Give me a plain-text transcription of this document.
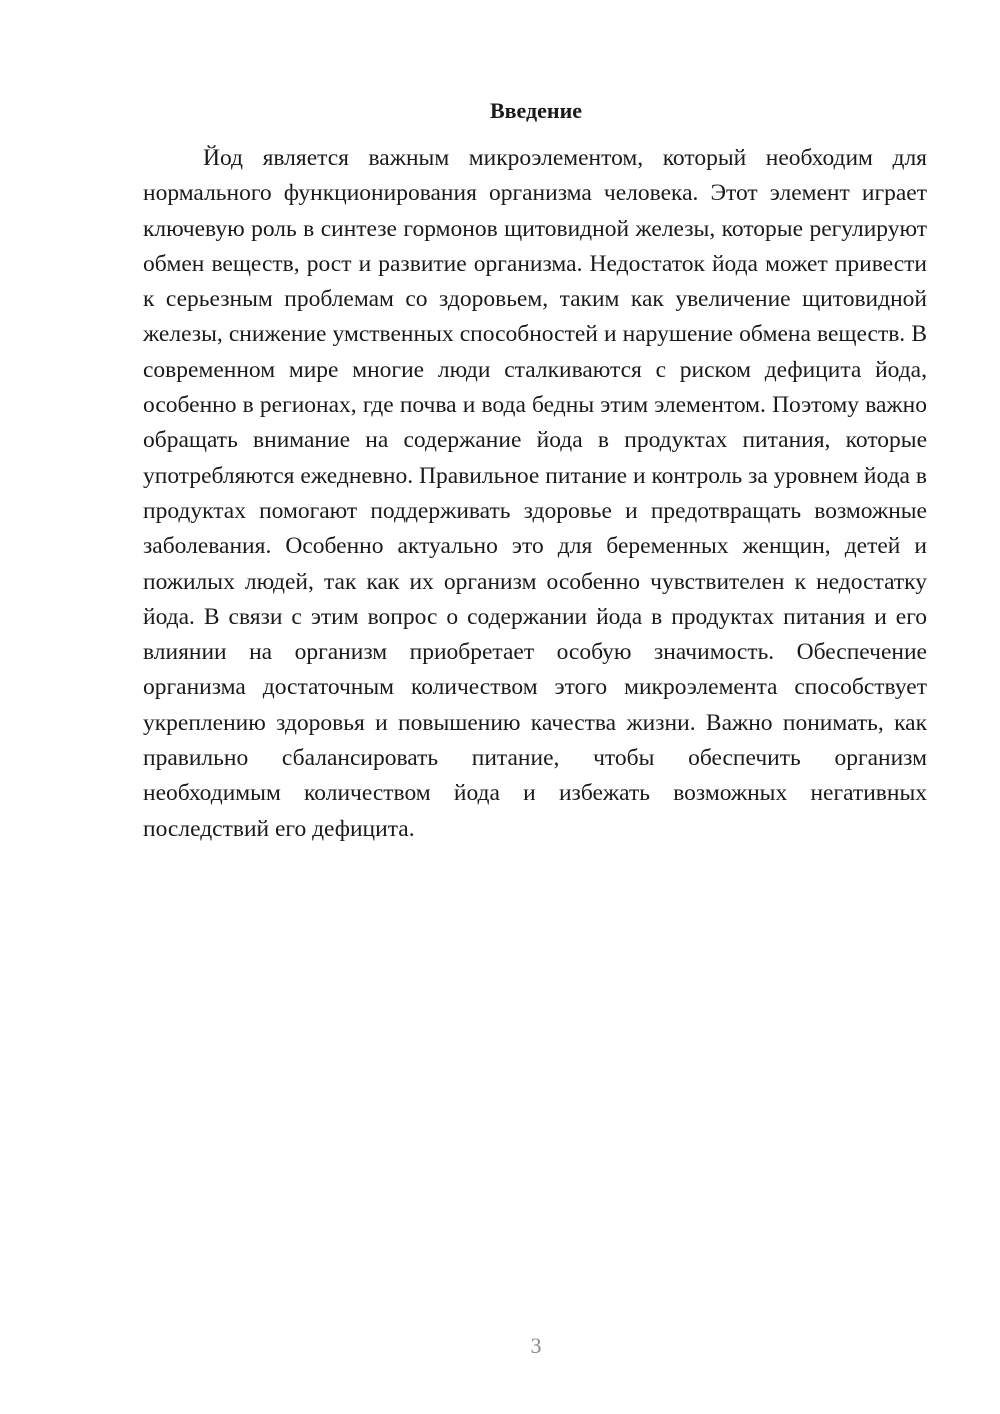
Введение

Йод является важным микроэлементом, который необходим для нормального функционирования организма человека. Этот элемент играет ключевую роль в синтезе гормонов щитовидной железы, которые регулируют обмен веществ, рост и развитие организма. Недостаток йода может привести к серьезным проблемам со здоровьем, таким как увеличение щитовидной железы, снижение умственных способностей и нарушение обмена веществ. В современном мире многие люди сталкиваются с риском дефицита йода, особенно в регионах, где почва и вода бедны этим элементом. Поэтому важно обращать внимание на содержание йода в продуктах питания, которые употребляются ежедневно. Правильное питание и контроль за уровнем йода в продуктах помогают поддерживать здоровье и предотвращать возможные заболевания. Особенно актуально это для беременных женщин, детей и пожилых людей, так как их организм особенно чувствителен к недостатку йода. В связи с этим вопрос о содержании йода в продуктах питания и его влиянии на организм приобретает особую значимость. Обеспечение организма достаточным количеством этого микроэлемента способствует укреплению здоровья и повышению качества жизни. Важно понимать, как правильно сбалансировать питание, чтобы обеспечить организм необходимым количеством йода и избежать возможных негативных последствий его дефицита.

3
